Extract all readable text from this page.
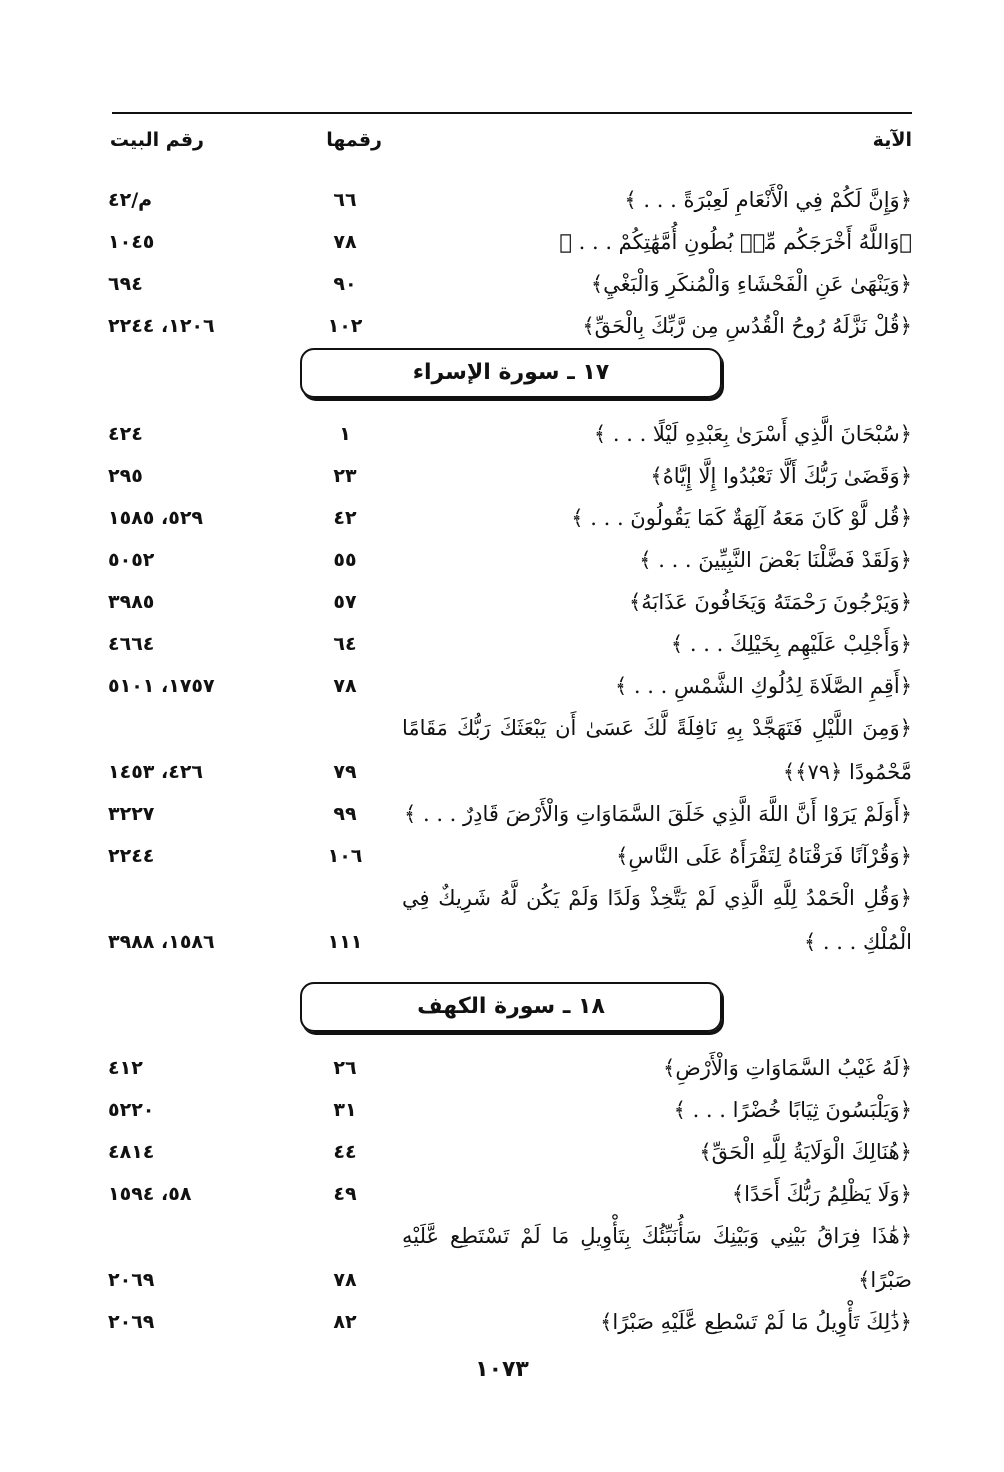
الآية
رقمها
رقم البيت
﴿وَإِنَّ لَكُمْ فِي الْأَنْعَامِ لَعِبْرَةً . . . ﴾
٦٦
م/٤٢
﴿وَاللَّهُ أَخْرَجَكُم مِّنۢ بُطُونِ أُمَّهَٰتِكُمْ . . . ﴾
٧٨
١٠٤٥
﴿وَيَنْهَىٰ عَنِ الْفَحْشَاءِ وَالْمُنكَرِ وَالْبَغْيِ﴾
٩٠
٦٩٤
﴿قُلْ نَزَّلَهُ رُوحُ الْقُدُسِ مِن رَّبِّكَ بِالْحَقِّ﴾
١٠٢
١٢٠٦، ٢٢٤٤
١٧ ـ سورة الإسراء
﴿سُبْحَانَ الَّذِي أَسْرَىٰ بِعَبْدِهِ لَيْلًا . . . ﴾
١
٤٢٤
﴿وَقَضَىٰ رَبُّكَ أَلَّا تَعْبُدُوا إِلَّا إِيَّاهُ﴾
٢٣
٢٩٥
﴿قُل لَّوْ كَانَ مَعَهُ آلِهَةٌ كَمَا يَقُولُونَ . . . ﴾
٤٢
٥٢٩، ١٥٨٥
﴿وَلَقَدْ فَضَّلْنَا بَعْضَ النَّبِيِّينَ . . . ﴾
٥٥
٥٠٥٢
﴿وَيَرْجُونَ رَحْمَتَهُ وَيَخَافُونَ عَذَابَهُ﴾
٥٧
٣٩٨٥
﴿وَأَجْلِبْ عَلَيْهِم بِخَيْلِكَ . . . ﴾
٦٤
٤٦٦٤
﴿أَقِمِ الصَّلَاةَ لِدُلُوكِ الشَّمْسِ . . . ﴾
٧٨
١٧٥٧، ٥١٠١
﴿وَمِنَ اللَّيْلِ فَتَهَجَّدْ بِهِ نَافِلَةً لَّكَ عَسَىٰ أَن يَبْعَثَكَ رَبُّكَ مَقَامًا مَّحْمُودًا ﴿٧٩﴾﴾
٧٩
٤٢٦، ١٤٥٣
﴿أَوَلَمْ يَرَوْا أَنَّ اللَّهَ الَّذِي خَلَقَ السَّمَاوَاتِ وَالْأَرْضَ قَادِرٌ . . . ﴾
٩٩
٣٢٢٧
﴿وَقُرْآنًا فَرَقْنَاهُ لِتَقْرَأَهُ عَلَى النَّاسِ﴾
١٠٦
٢٢٤٤
﴿وَقُلِ الْحَمْدُ لِلَّهِ الَّذِي لَمْ يَتَّخِذْ وَلَدًا وَلَمْ يَكُن لَّهُ شَرِيكٌ فِي الْمُلْكِ . . . ﴾
١١١
١٥٨٦، ٣٩٨٨
١٨ ـ سورة الكهف
﴿لَهُ غَيْبُ السَّمَاوَاتِ وَالْأَرْضِ﴾
٢٦
٤١٢
﴿وَيَلْبَسُونَ ثِيَابًا خُضْرًا . . . ﴾
٣١
٥٢٢٠
﴿هُنَالِكَ الْوَلَايَةُ لِلَّهِ الْحَقِّ﴾
٤٤
٤٨١٤
﴿وَلَا يَظْلِمُ رَبُّكَ أَحَدًا﴾
٤٩
٥٨، ١٥٩٤
﴿هَٰذَا فِرَاقُ بَيْنِي وَبَيْنِكَ سَأُنَبِّئُكَ بِتَأْوِيلِ مَا لَمْ تَسْتَطِع عَّلَيْهِ صَبْرًا﴾
٧٨
٢٠٦٩
﴿ذَٰلِكَ تَأْوِيلُ مَا لَمْ تَسْطِع عَّلَيْهِ صَبْرًا﴾
٨٢
٢٠٦٩
١٠٧٣
